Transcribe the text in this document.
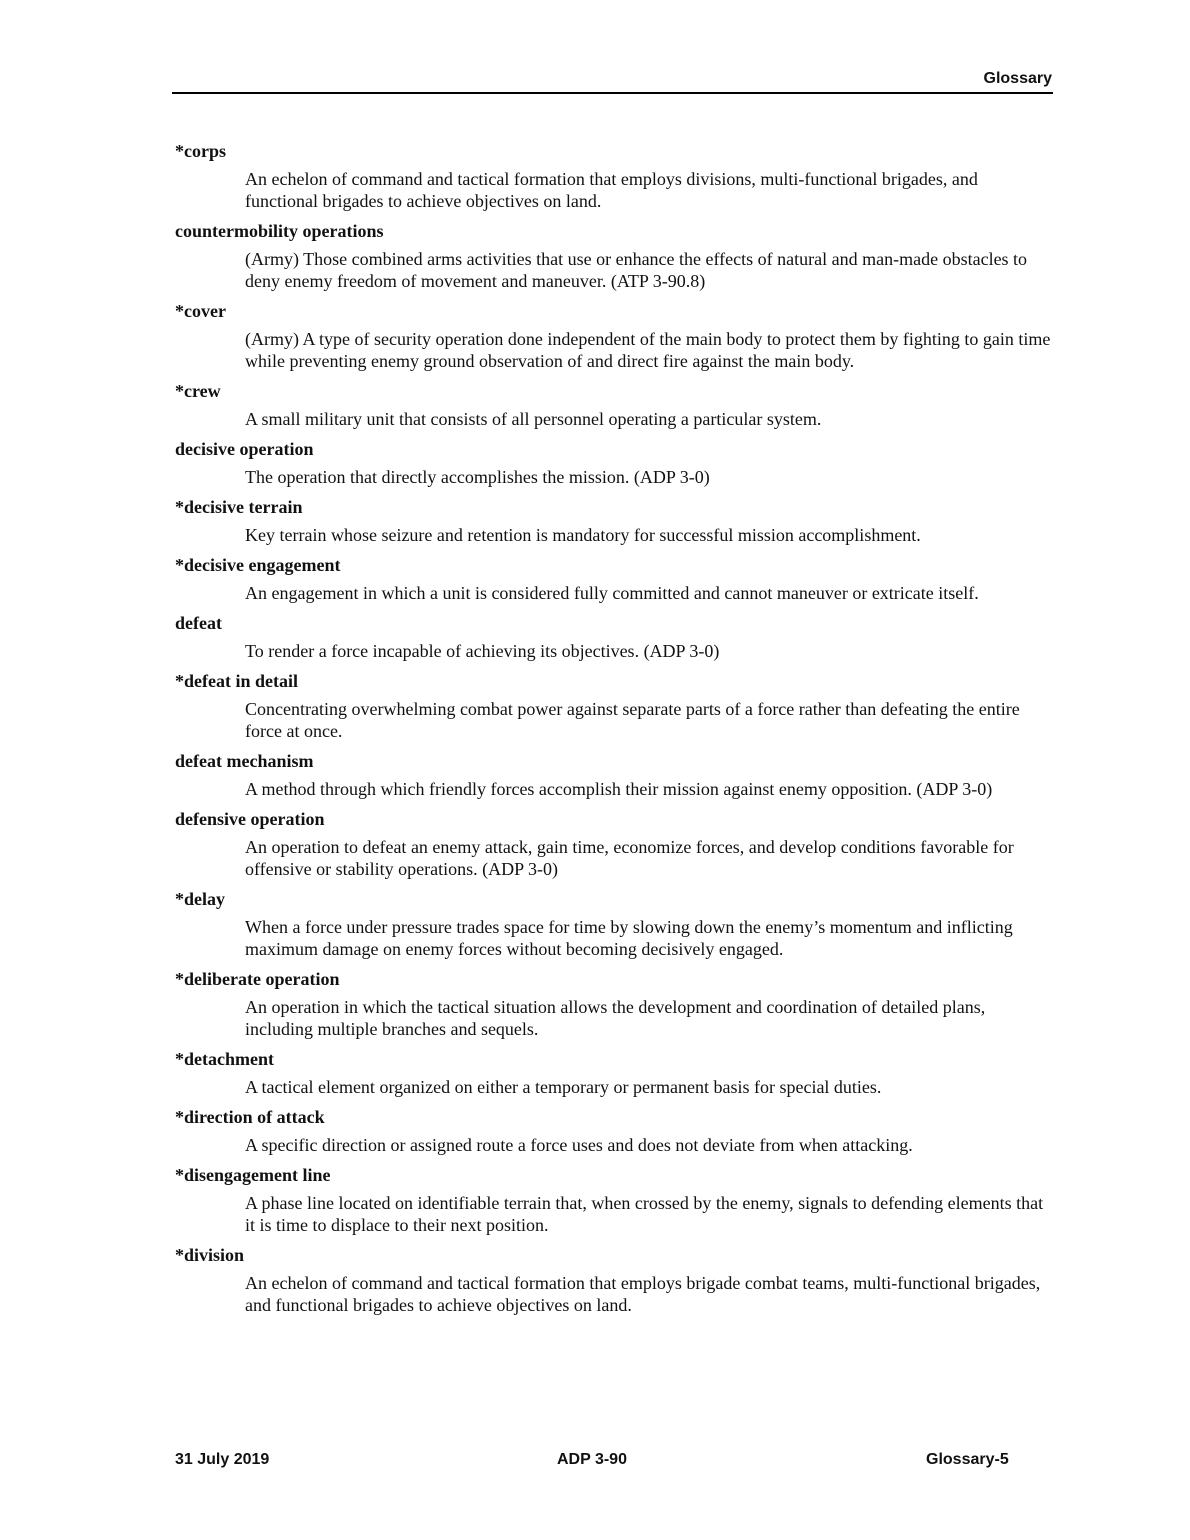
Glossary
*corps
An echelon of command and tactical formation that employs divisions, multi-functional brigades, and functional brigades to achieve objectives on land.
countermobility operations
(Army) Those combined arms activities that use or enhance the effects of natural and man-made obstacles to deny enemy freedom of movement and maneuver. (ATP 3-90.8)
*cover
(Army) A type of security operation done independent of the main body to protect them by fighting to gain time while preventing enemy ground observation of and direct fire against the main body.
*crew
A small military unit that consists of all personnel operating a particular system.
decisive operation
The operation that directly accomplishes the mission. (ADP 3-0)
*decisive terrain
Key terrain whose seizure and retention is mandatory for successful mission accomplishment.
*decisive engagement
An engagement in which a unit is considered fully committed and cannot maneuver or extricate itself.
defeat
To render a force incapable of achieving its objectives. (ADP 3-0)
*defeat in detail
Concentrating overwhelming combat power against separate parts of a force rather than defeating the entire force at once.
defeat mechanism
A method through which friendly forces accomplish their mission against enemy opposition. (ADP 3-0)
defensive operation
An operation to defeat an enemy attack, gain time, economize forces, and develop conditions favorable for offensive or stability operations. (ADP 3-0)
*delay
When a force under pressure trades space for time by slowing down the enemy’s momentum and inflicting maximum damage on enemy forces without becoming decisively engaged.
*deliberate operation
An operation in which the tactical situation allows the development and coordination of detailed plans, including multiple branches and sequels.
*detachment
A tactical element organized on either a temporary or permanent basis for special duties.
*direction of attack
A specific direction or assigned route a force uses and does not deviate from when attacking.
*disengagement line
A phase line located on identifiable terrain that, when crossed by the enemy, signals to defending elements that it is time to displace to their next position.
*division
An echelon of command and tactical formation that employs brigade combat teams, multi-functional brigades, and functional brigades to achieve objectives on land.
31 July 2019	ADP 3-90	Glossary-5
